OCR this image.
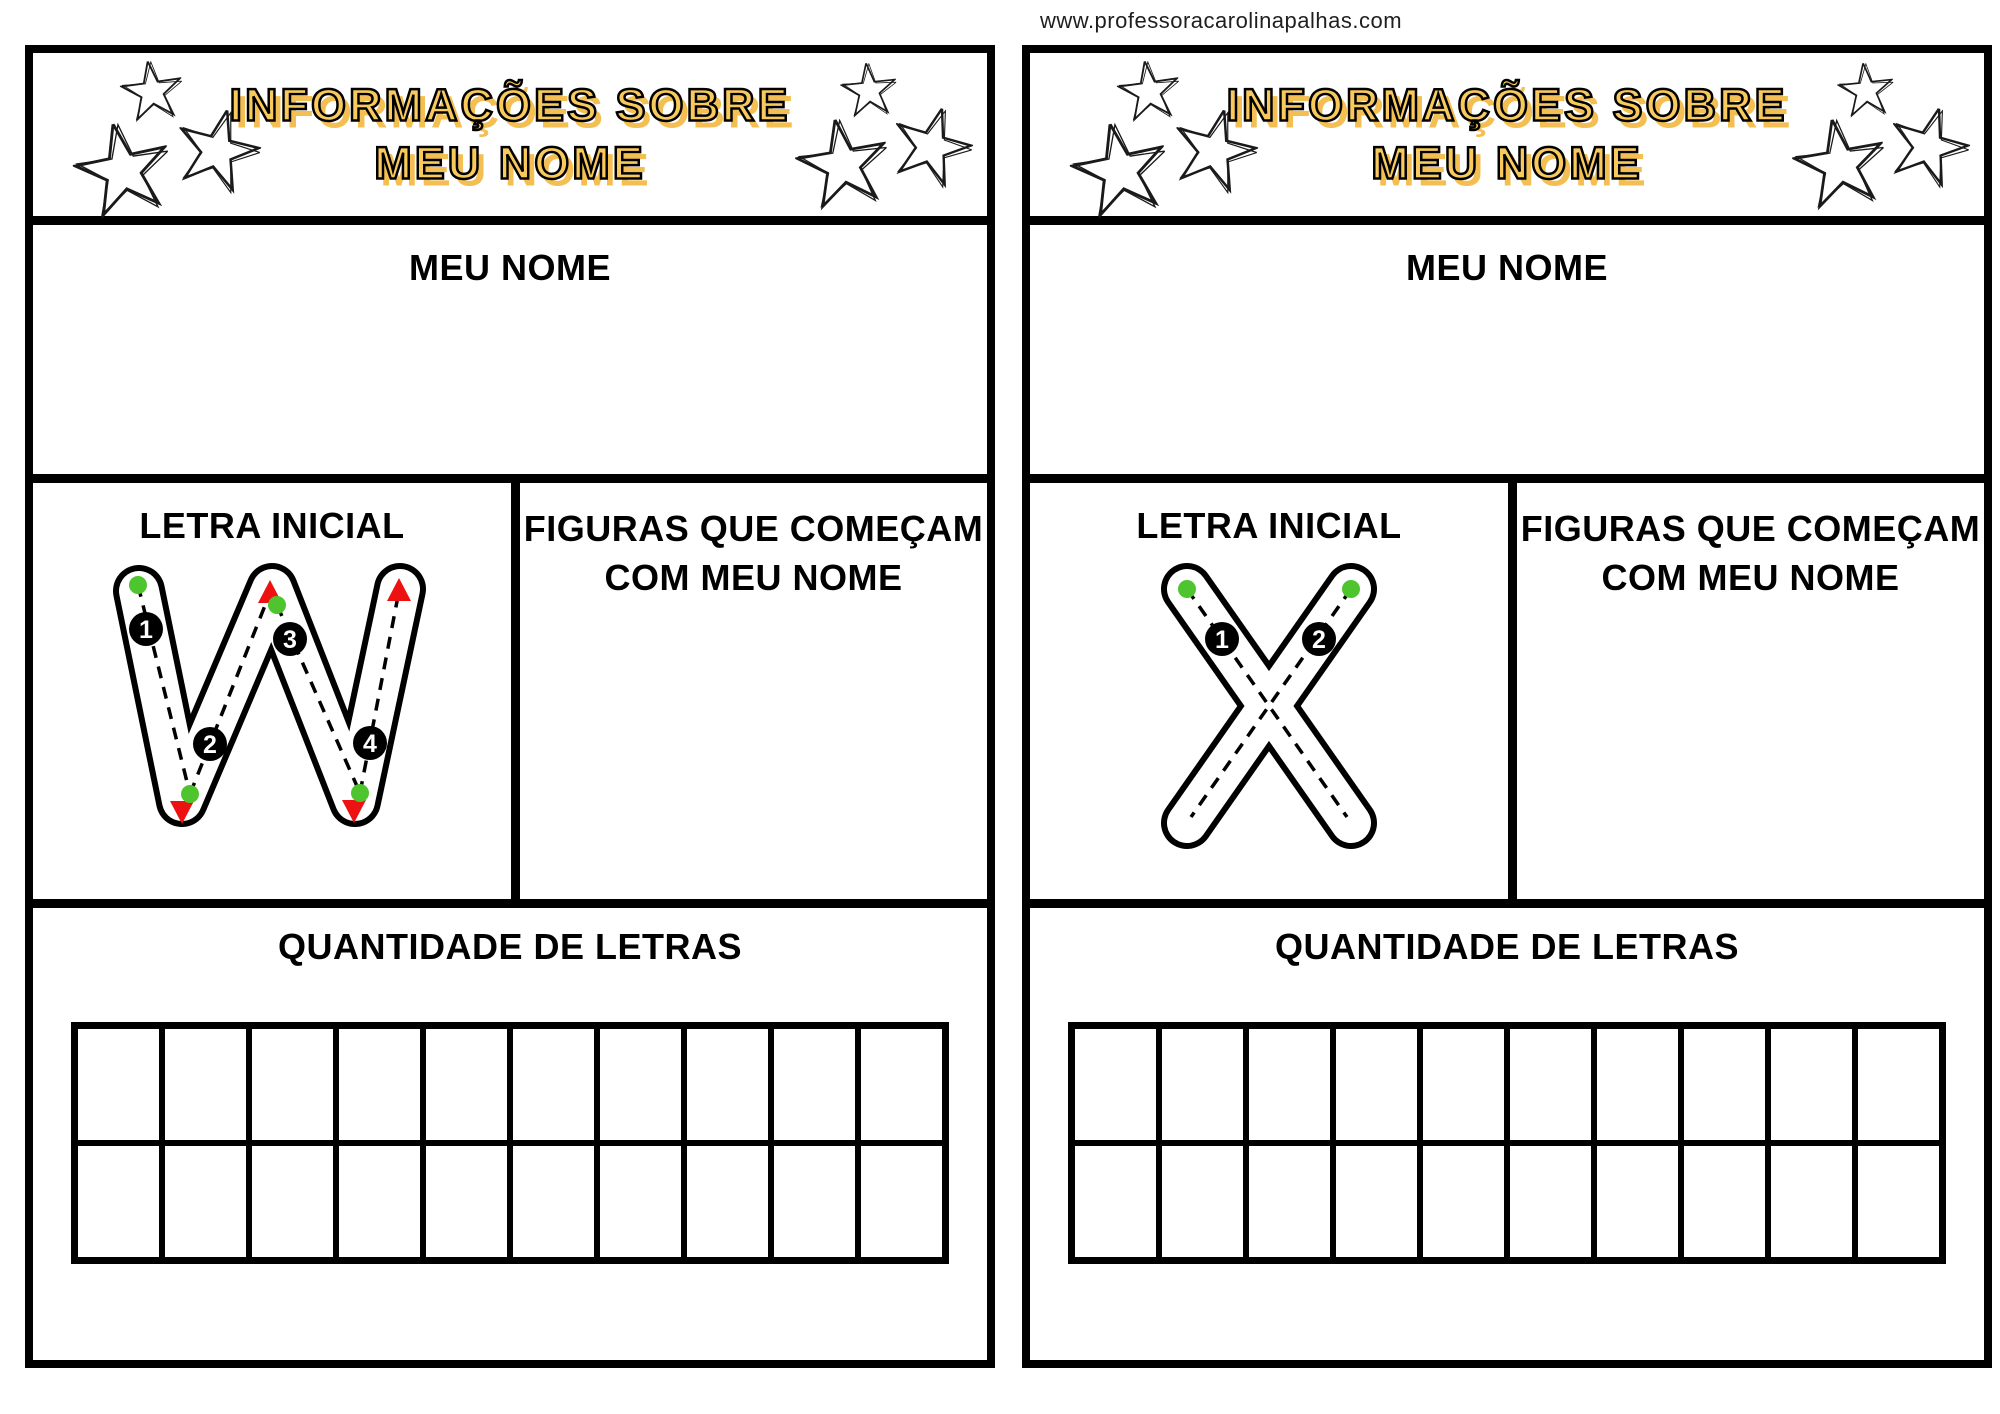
www.professoracarolinapalhas.com
INFORMAÇÕES SOBRE
MEU NOME
MEU NOME
LETRA INICIAL
1
2
3
4
FIGURAS QUE COMEÇAM
COM MEU NOME
QUANTIDADE DE LETRAS
INFORMAÇÕES SOBRE
MEU NOME
MEU NOME
LETRA INICIAL
1	2
FIGURAS QUE COMEÇAM
COM MEU NOME
QUANTIDADE DE LETRAS
